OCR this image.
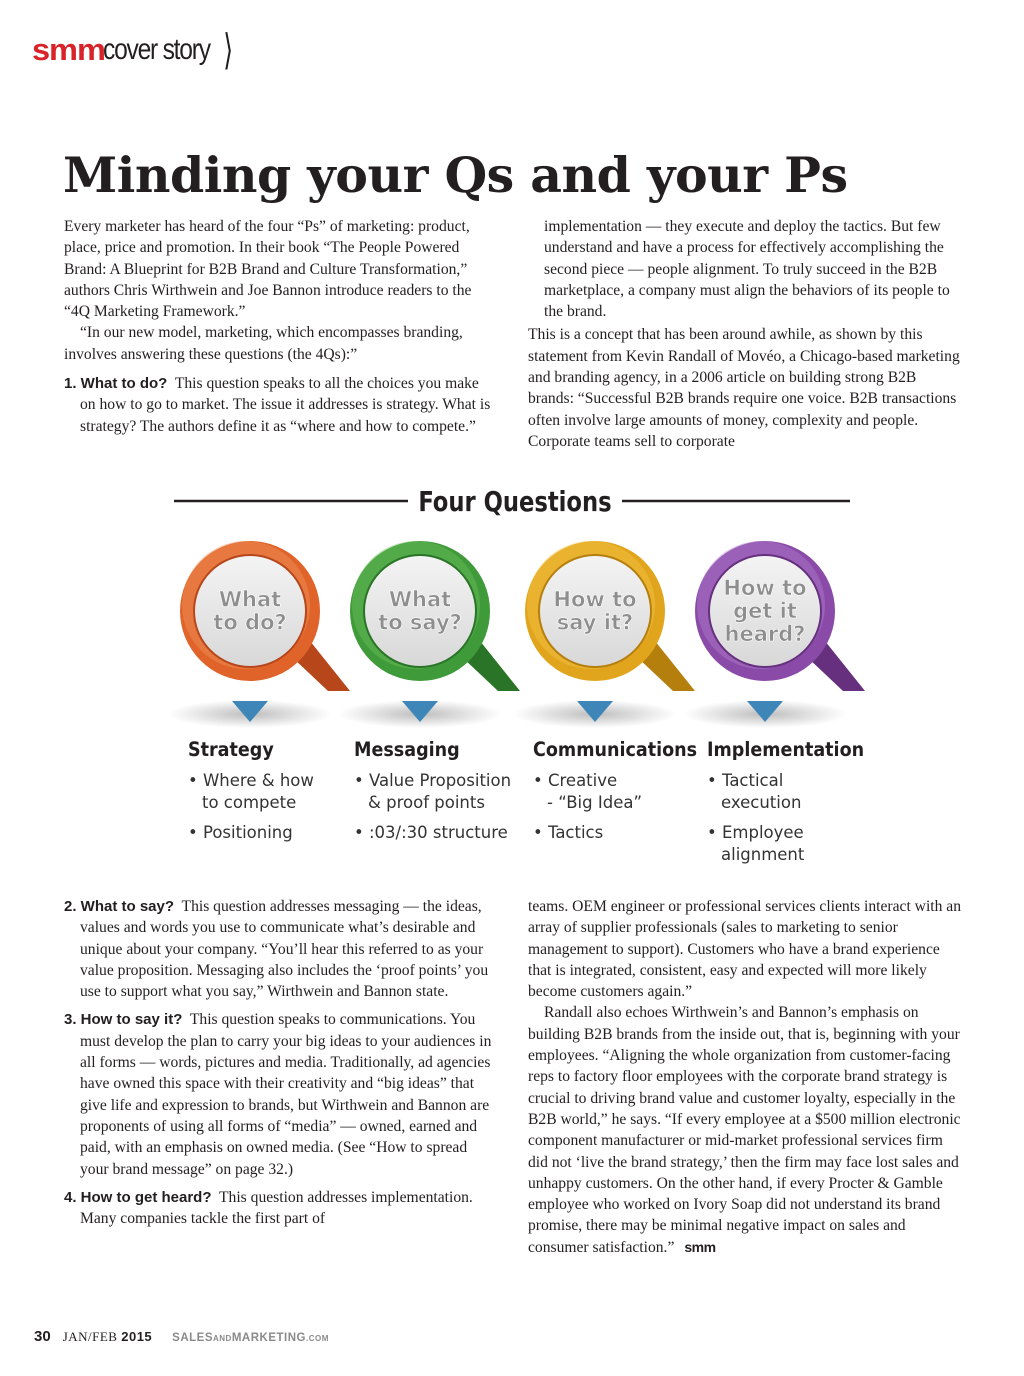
smm
cover story ⟩
Minding your Qs and your Ps

Every marketer has heard of the four “Ps” of marketing: product, place, price and promotion. In their book “The People Powered Brand: A Blueprint for B2B Brand and Culture Transformation,” authors Chris Wirthwein and Joe Bannon introduce readers to the “4Q Marketing Framework.”

“In our new model, marketing, which encompasses branding, involves answering these questions (the 4Qs):”

1. What to do? This question speaks to all the choices you make on how to go to market. The issue it addresses is strategy. What is strategy? The authors define it as “where and how to compete.”

implementation — they execute and deploy the tactics. But few understand and have a process for effectively accomplishing the second piece — people alignment. To truly succeed in the B2B marketplace, a company must align the behaviors of its people to the brand.

This is a concept that has been around awhile, as shown by this statement from Kevin Randall of Movéo, a Chicago-based marketing and branding agency, in a 2006 article on building strong B2B brands: “Successful B2B brands require one voice. B2B transactions often involve large amounts of money, complexity and people. Corporate teams sell to corporate

Four Questions
What
to do?
Strategy
• Where & how
to compete
• Positioning
What
to say?
Messaging
• Value Proposition
& proof points
• :03/:30 structure
How to
say it?
Communications
• Creative
- “Big Idea”
• Tactics
How to
get it
heard?
Implementation
• Tactical
execution
• Employee
alignment

2. What to say? This question addresses messaging — the ideas, values and words you use to communicate what’s desirable and unique about your company. “You’ll hear this referred to as your value proposition. Messaging also includes the ‘proof points’ you use to support what you say,” Wirthwein and Bannon state.

3. How to say it? This question speaks to communications. You must develop the plan to carry your big ideas to your audiences in all forms — words, pictures and media. Traditionally, ad agencies have owned this space with their creativity and “big ideas” that give life and expression to brands, but Wirthwein and Bannon are proponents of using all forms of “media” — owned, earned and paid, with an emphasis on owned media. (See “How to spread your brand message” on page 32.)

4. How to get heard? This question addresses implementation. Many companies tackle the first part of

teams. OEM engineer or professional services clients interact with an array of supplier professionals (sales to marketing to senior management to support). Customers who have a brand experience that is integrated, consistent, easy and expected will more likely become customers again.”

Randall also echoes Wirthwein’s and Bannon’s emphasis on building B2B brands from the inside out, that is, beginning with your employees. “Aligning the whole organization from customer-facing reps to factory floor employees with the corporate brand strategy is crucial to driving brand value and customer loyalty, especially in the B2B world,” he says. “If every employee at a $500 million electronic component manufacturer or mid-market professional services firm did not ‘live the brand strategy,’ then the firm may face lost sales and unhappy customers. On the other hand, if every Procter & Gamble employee who worked on Ivory Soap did not understand its brand promise, there may be minimal negative impact on sales and consumer satisfaction.” smm

30 JAN/FEB 2015 SALESANDMARKETING.COM
